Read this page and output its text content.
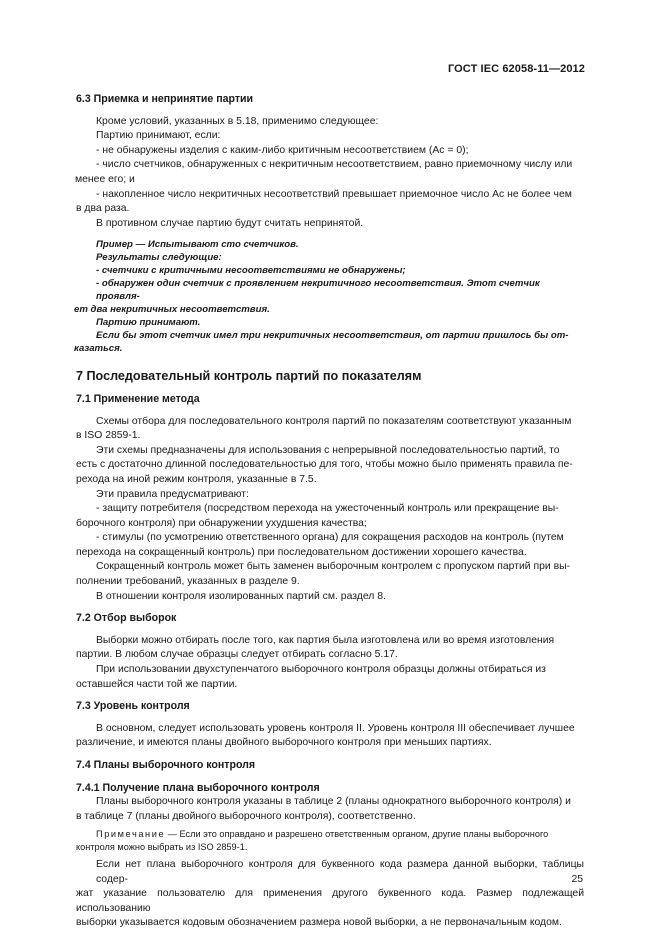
ГОСТ IEC 62058-11—2012
6.3 Приемка и непринятие партии

Кроме условий, указанных в 5.18, применимо следующее:

Партию принимают, если:

- не обнаружены изделия с каким-либо критичным несоответствием (Ac = 0);

- число счетчиков, обнаруженных с некритичным несоответствием, равно приемочному числу или
менее его; и

- накопленное число некритичных несоответствий превышает приемочное число Ac не более чем
в два раза.

В противном случае партию будут считать непринятой.

Пример — Испытывают сто счетчиков.
Результаты следующие:
- счетчики с критичными несоответствиями не обнаружены;
- обнаружен один счетчик с проявлением некритичного несоответствия. Этот счетчик проявля-
ет два некритичных несоответствия.
Партию принимают.
Если бы этот счетчик имел три некритичных несоответствия, от партии пришлось бы от-
казаться.
7 Последовательный контроль партий по показателям
7.1 Применение метода

Схемы отбора для последовательного контроля партий по показателям соответствуют указанным
в ISO 2859-1.

Эти схемы предназначены для использования с непрерывной последовательностью партий, то
есть с достаточно длинной последовательностью для того, чтобы можно было применять правила пе-
рехода на иной режим контроля, указанные в 7.5.

Эти правила предусматривают:

- защиту потребителя (посредством перехода на ужесточенный контроль или прекращение вы-
борочного контроля) при обнаружении ухудшения качества;

- стимулы (по усмотрению ответственного органа) для сокращения расходов на контроль (путем
перехода на сокращенный контроль) при последовательном достижении хорошего качества.

Сокращенный контроль может быть заменен выборочным контролем с пропуском партий при вы-
полнении требований, указанных в разделе 9.

В отношении контроля изолированных партий см. раздел 8.

7.2 Отбор выборок

Выборки можно отбирать после того, как партия была изготовлена или во время изготовления
партии. В любом случае образцы следует отбирать согласно 5.17.

При использовании двухступенчатого выборочного контроля образцы должны отбираться из
оставшейся части той же партии.

7.3 Уровень контроля

В основном, следует использовать уровень контроля II. Уровень контроля III обеспечивает лучшее
различение, и имеются планы двойного выборочного контроля при меньших партиях.

7.4 Планы выборочного контроля
7.4.1 Получение плана выборочного контроля

Планы выборочного контроля указаны в таблице 2 (планы однократного выборочного контроля) и
в таблице 7 (планы двойного выборочного контроля), соответственно.

Примечание — Если это оправдано и разрешено ответственным органом, другие планы выборочного
контроля можно выбрать из ISO 2859-1.

Если нет плана выборочного контроля для буквенного кода размера данной выборки, таблицы содер-
жат указание пользователю для применения другого буквенного кода. Размер подлежащей использованию
выборки указывается кодовым обозначением размера новой выборки, а не первоначальным кодом.

25
